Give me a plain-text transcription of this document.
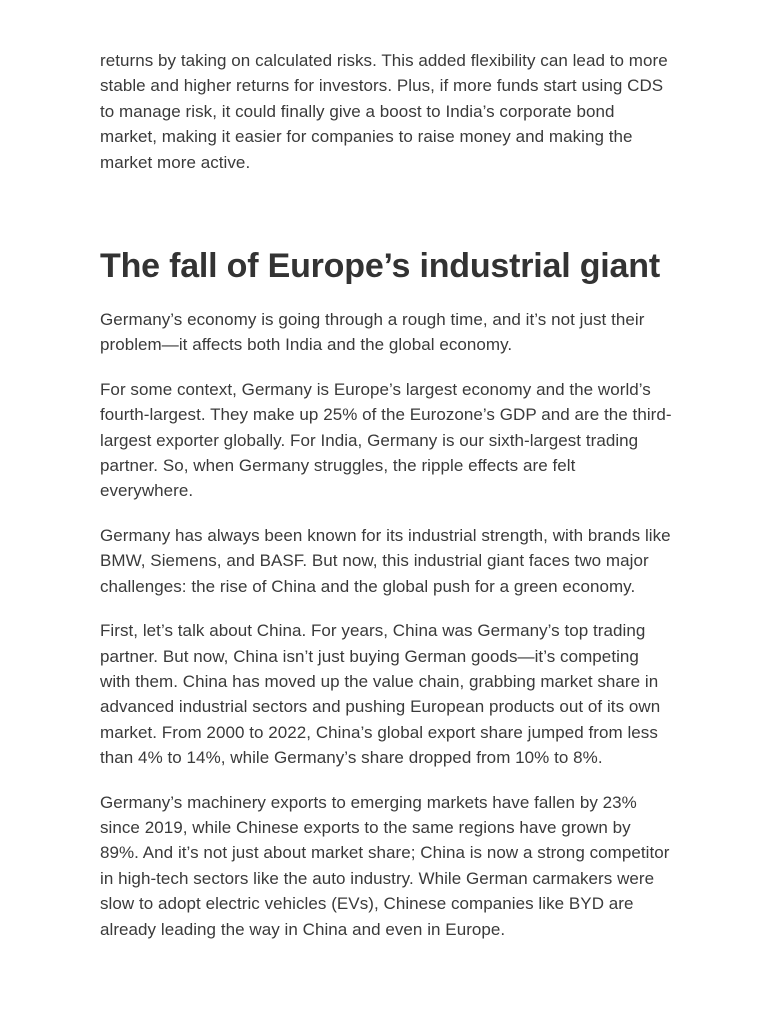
returns by taking on calculated risks. This added flexibility can lead to more stable and higher returns for investors. Plus, if more funds start using CDS to manage risk, it could finally give a boost to India’s corporate bond market, making it easier for companies to raise money and making the market more active.

The fall of Europe’s industrial giant

Germany’s economy is going through a rough time, and it’s not just their problem—it affects both India and the global economy.

For some context, Germany is Europe’s largest economy and the world’s fourth-largest. They make up 25% of the Eurozone’s GDP and are the third-largest exporter globally. For India, Germany is our sixth-largest trading partner. So, when Germany struggles, the ripple effects are felt everywhere.

Germany has always been known for its industrial strength, with brands like BMW, Siemens, and BASF. But now, this industrial giant faces two major challenges: the rise of China and the global push for a green economy.

First, let’s talk about China. For years, China was Germany’s top trading partner. But now, China isn’t just buying German goods—it’s competing with them. China has moved up the value chain, grabbing market share in advanced industrial sectors and pushing European products out of its own market. From 2000 to 2022, China’s global export share jumped from less than 4% to 14%, while Germany’s share dropped from 10% to 8%.

Germany’s machinery exports to emerging markets have fallen by 23% since 2019, while Chinese exports to the same regions have grown by 89%. And it’s not just about market share; China is now a strong competitor in high-tech sectors like the auto industry. While German carmakers were slow to adopt electric vehicles (EVs), Chinese companies like BYD are already leading the way in China and even in Europe.
